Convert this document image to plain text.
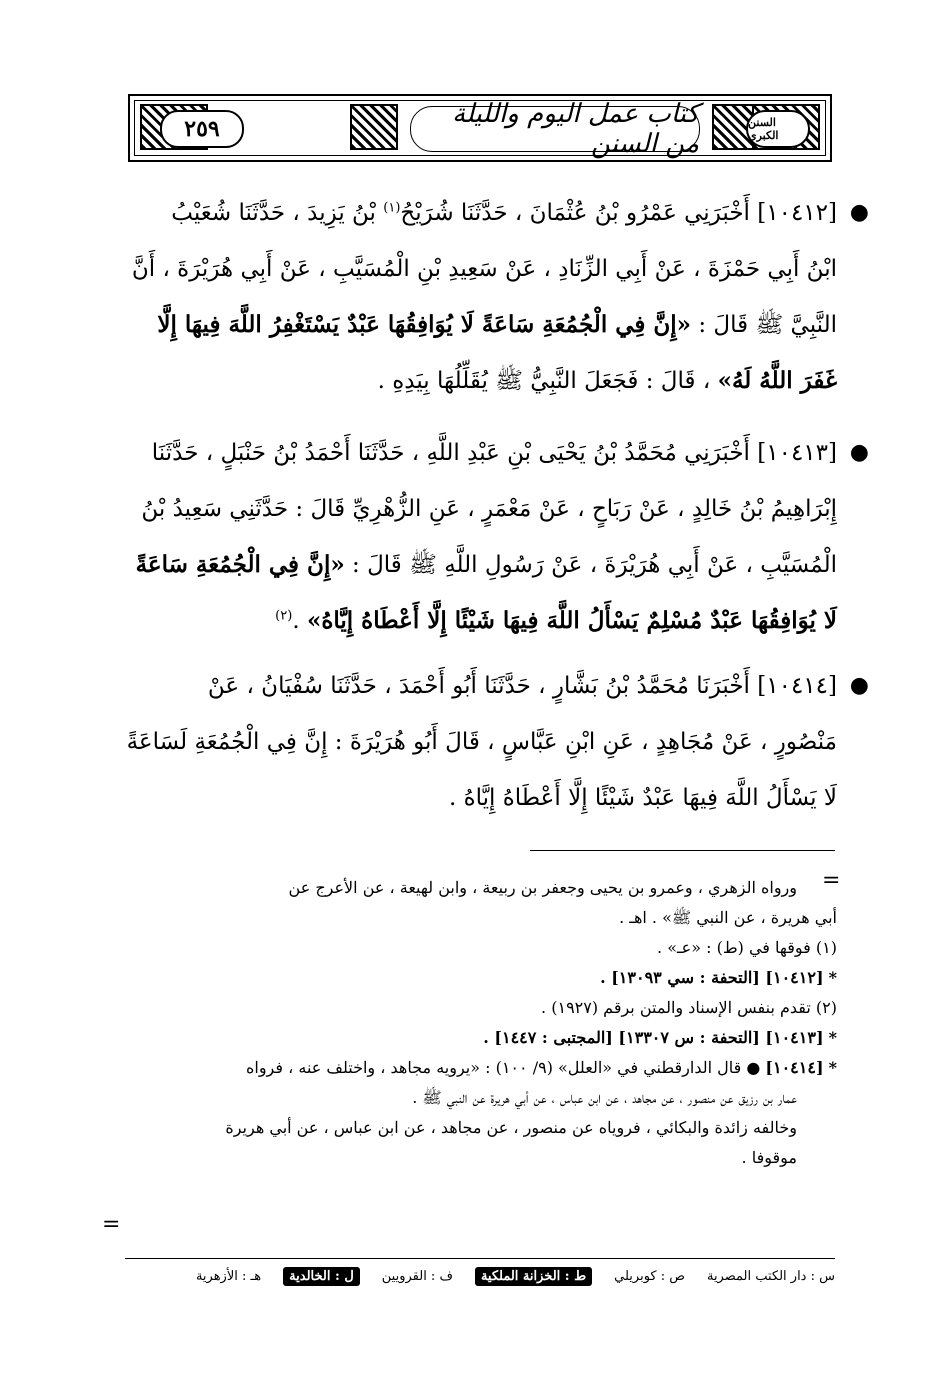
٢٥٩	السنن الكبرى
كتاب عمل اليوم والليلة من السنن
●
[١٠٤١٢] أَخْبَرَنِي عَمْرُو بْنُ عُثْمَانَ ، حَدَّثَنَا شُرَيْحُ$^{(١)}$ بْنُ يَزِيدَ ، حَدَّثَنَا شُعَيْبُ
ابْنُ أَبِي حَمْزَةَ ، عَنْ أَبِي الزِّنَادِ ، عَنْ سَعِيدِ بْنِ الْمُسَيَّبِ ، عَنْ أَبِي هُرَيْرَةَ ، أَنَّ
النَّبِيَّ ﷺ قَالَ : «إِنَّ فِي الْجُمُعَةِ سَاعَةً لَا يُوَافِقُهَا عَبْدٌ يَسْتَغْفِرُ اللَّهَ فِيهَا إِلَّا
غَفَرَ اللَّهُ لَهُ» ، قَالَ : فَجَعَلَ النَّبِيُّ ﷺ يُقَلِّلُهَا بِيَدِهِ .
●
[١٠٤١٣] أَخْبَرَنِي مُحَمَّدُ بْنُ يَحْيَى بْنِ عَبْدِ اللَّهِ ، حَدَّثَنَا أَحْمَدُ بْنُ حَنْبَلٍ ، حَدَّثَنَا
إِبْرَاهِيمُ بْنُ خَالِدٍ ، عَنْ رَبَاحٍ ، عَنْ مَعْمَرٍ ، عَنِ الزُّهْرِيِّ قَالَ : حَدَّثَنِي سَعِيدُ بْنُ
الْمُسَيَّبِ ، عَنْ أَبِي هُرَيْرَةَ ، عَنْ رَسُولِ اللَّهِ ﷺ قَالَ : «إِنَّ فِي الْجُمُعَةِ سَاعَةً
لَا يُوَافِقُهَا عَبْدٌ مُسْلِمٌ يَسْأَلُ اللَّهَ فِيهَا شَيْئًا إِلَّا أَعْطَاهُ إِيَّاهُ» .$^{(٢)}$
●
[١٠٤١٤] أَخْبَرَنَا مُحَمَّدُ بْنُ بَشَّارٍ ، حَدَّثَنَا أَبُو أَحْمَدَ ، حَدَّثَنَا سُفْيَانُ ، عَنْ
مَنْصُورٍ ، عَنْ مُجَاهِدٍ ، عَنِ ابْنِ عَبَّاسٍ ، قَالَ أَبُو هُرَيْرَةَ : إِنَّ فِي الْجُمُعَةِ لَسَاعَةً
لَا يَسْأَلُ اللَّهَ فِيهَا عَبْدٌ شَيْئًا إِلَّا أَعْطَاهُ إِيَّاهُ .
=
ورواه الزهري ، وعمرو بن يحيى وجعفر بن ربيعة ، وابن لهيعة ، عن الأعرج عن
أبي هريرة ، عن النبي ﷺ» . اهـ .
(١) فوقها في (ط) : «عـ» .
* [١٠٤١٢] [التحفة : سي ١٣٠٩٣] .
(٢) تقدم بنفس الإسناد والمتن برقم (١٩٢٧) .
* [١٠٤١٣] [التحفة : س ١٣٣٠٧] [المجتبى : ١٤٤٧] .
* [١٠٤١٤] ● قال الدارقطني في «العلل» (٩/ ١٠٠) : «يرويه مجاهد ، واختلف عنه ، فرواه
عمار بن رزيق عن منصور ، عن مجاهد ، عن ابن عباس ، عن أبي هريرة عن النبي ﷺ .
وخالفه زائدة والبكائي ، فروياه عن منصور ، عن مجاهد ، عن ابن عباس ، عن أبي هريرة
موقوفا .
=
س : دار الكتب المصرية
ص : كوبريلي
ط : الخزانة الملكية
ف : القرويين
ل : الخالدية
هـ : الأزهرية
